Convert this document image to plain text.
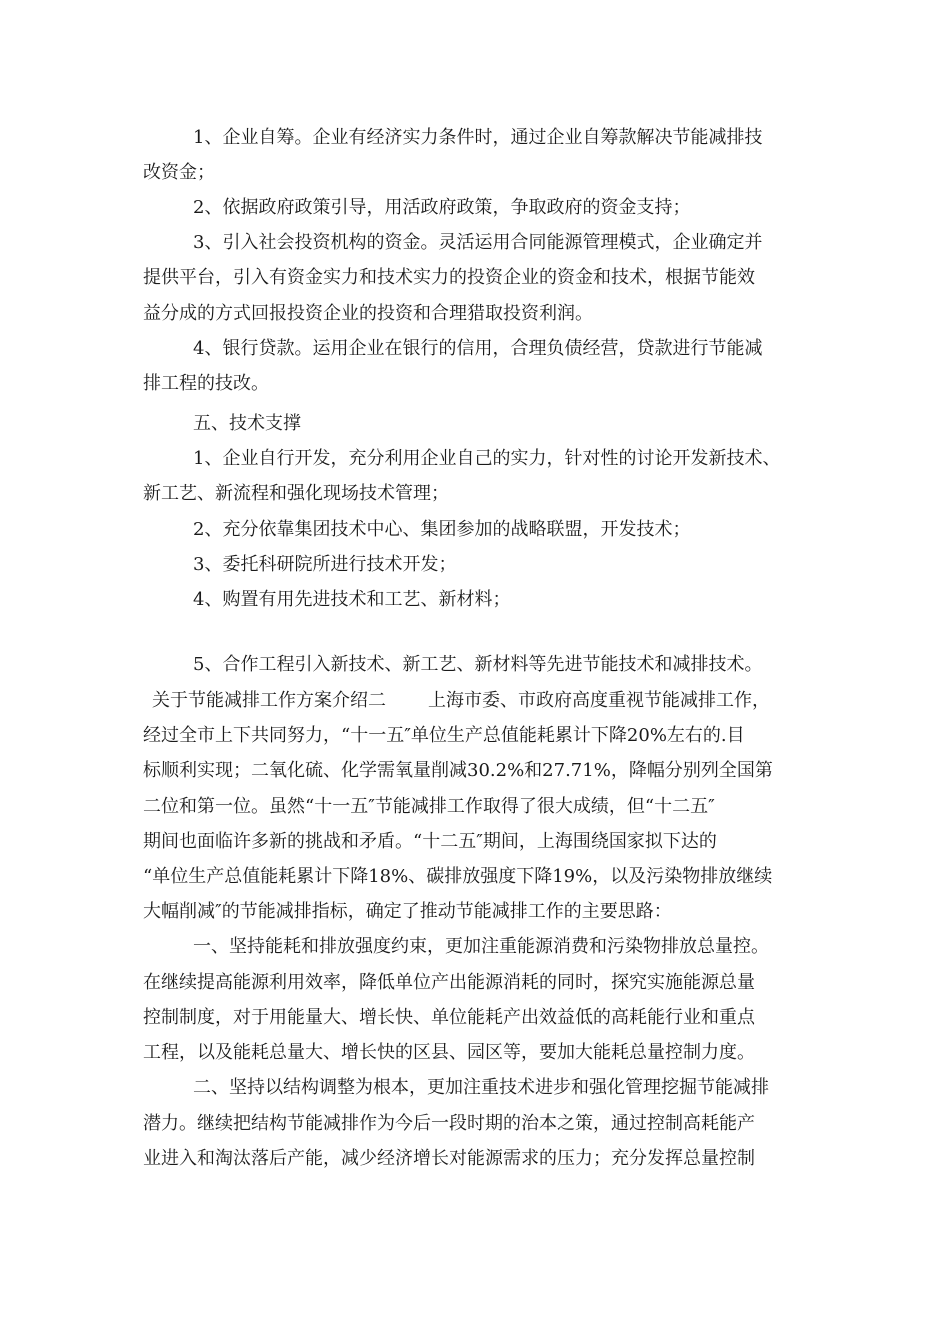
1、企业自筹。企业有经济实力条件时，通过企业自筹款解决节能减排技
改资金；
2、依据政府政策引导，用活政府政策，争取政府的资金支持；
3、引入社会投资机构的资金。灵活运用合同能源管理模式，企业确定并
提供平台，引入有资金实力和技术实力的投资企业的资金和技术，根据节能效
益分成的方式回报投资企业的投资和合理猎取投资利润。
4、银行贷款。运用企业在银行的信用，合理负债经营，贷款进行节能减
排工程的技改。
五、技术支撑
1、企业自行开发，充分利用企业自己的实力，针对性的讨论开发新技术、
新工艺、新流程和强化现场技术管理；
2、充分依靠集团技术中心、集团参加的战略联盟，开发技术；
3、委托科研院所进行技术开发；
4、购置有用先进技术和工艺、新材料；
5、合作工程引入新技术、新工艺、新材料等先进节能技术和减排技术。
关于节能减排工作方案介绍二 上海市委、市政府高度重视节能减排工作，
经过全市上下共同努力，“十一五″单位生产总值能耗累计下降20%左右的.目
标顺利实现；二氧化硫、化学需氧量削减30.2%和27.71%，降幅分别列全国第
二位和第一位。虽然“十一五″节能减排工作取得了很大成绩，但“十二五″
期间也面临许多新的挑战和矛盾。“十二五″期间，上海围绕国家拟下达的
“单位生产总值能耗累计下降18%、碳排放强度下降19%，以及污染物排放继续
大幅削减″的节能减排指标，确定了推动节能减排工作的主要思路：
一、坚持能耗和排放强度约束，更加注重能源消费和污染物排放总量控。
在继续提高能源利用效率，降低单位产出能源消耗的同时，探究实施能源总量
控制制度，对于用能量大、增长快、单位能耗产出效益低的高耗能行业和重点
工程，以及能耗总量大、增长快的区县、园区等，要加大能耗总量控制力度。
二、坚持以结构调整为根本，更加注重技术进步和强化管理挖掘节能减排
潜力。继续把结构节能减排作为今后一段时期的治本之策，通过控制高耗能产
业进入和淘汰落后产能，减少经济增长对能源需求的压力；充分发挥总量控制
